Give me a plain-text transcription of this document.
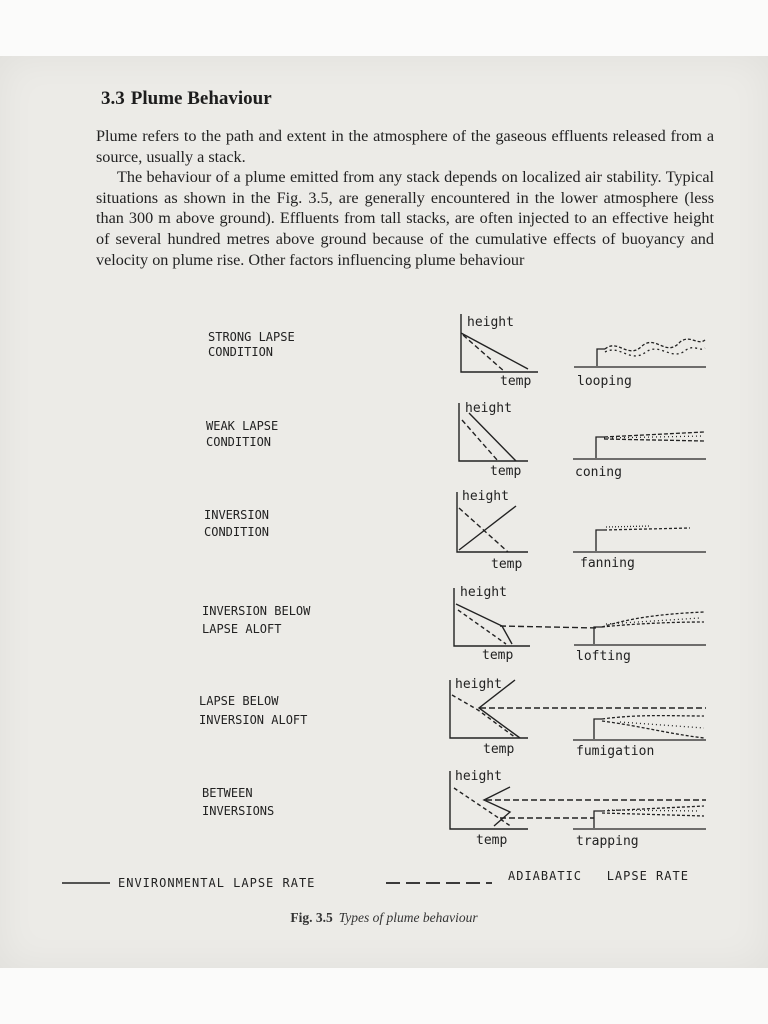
3.3 Plume Behaviour

Plume refers to the path and extent in the atmosphere of the gaseous effluents released from a source, usually a stack.

The behaviour of a plume emitted from any stack depends on localized air stability. Typical situations as shown in the Fig. 3.5, are generally encountered in the lower atmosphere (less than 300 m above ground). Effluents from tall stacks, are often injected to an effective height of several hundred metres above ground because of the cumulative effects of buoyancy and velocity on plume rise. Other factors influencing plume behaviour

STRONG LAPSE
CONDITION
height
temp	looping
WEAK LAPSE
CONDITION
height
temp	coning
INVERSION
CONDITION
height
temp	fanning
INVERSION BELOW
LAPSE ALOFT
height
temp	lofting
LAPSE BELOW
INVERSION ALOFT
height
temp	fumigation
BETWEEN
INVERSIONS
height
temp	trapping
ENVIRONMENTAL LAPSE RATE	ADIABATIC   LAPSE RATE
Fig. 3.5 Types of plume behaviour
